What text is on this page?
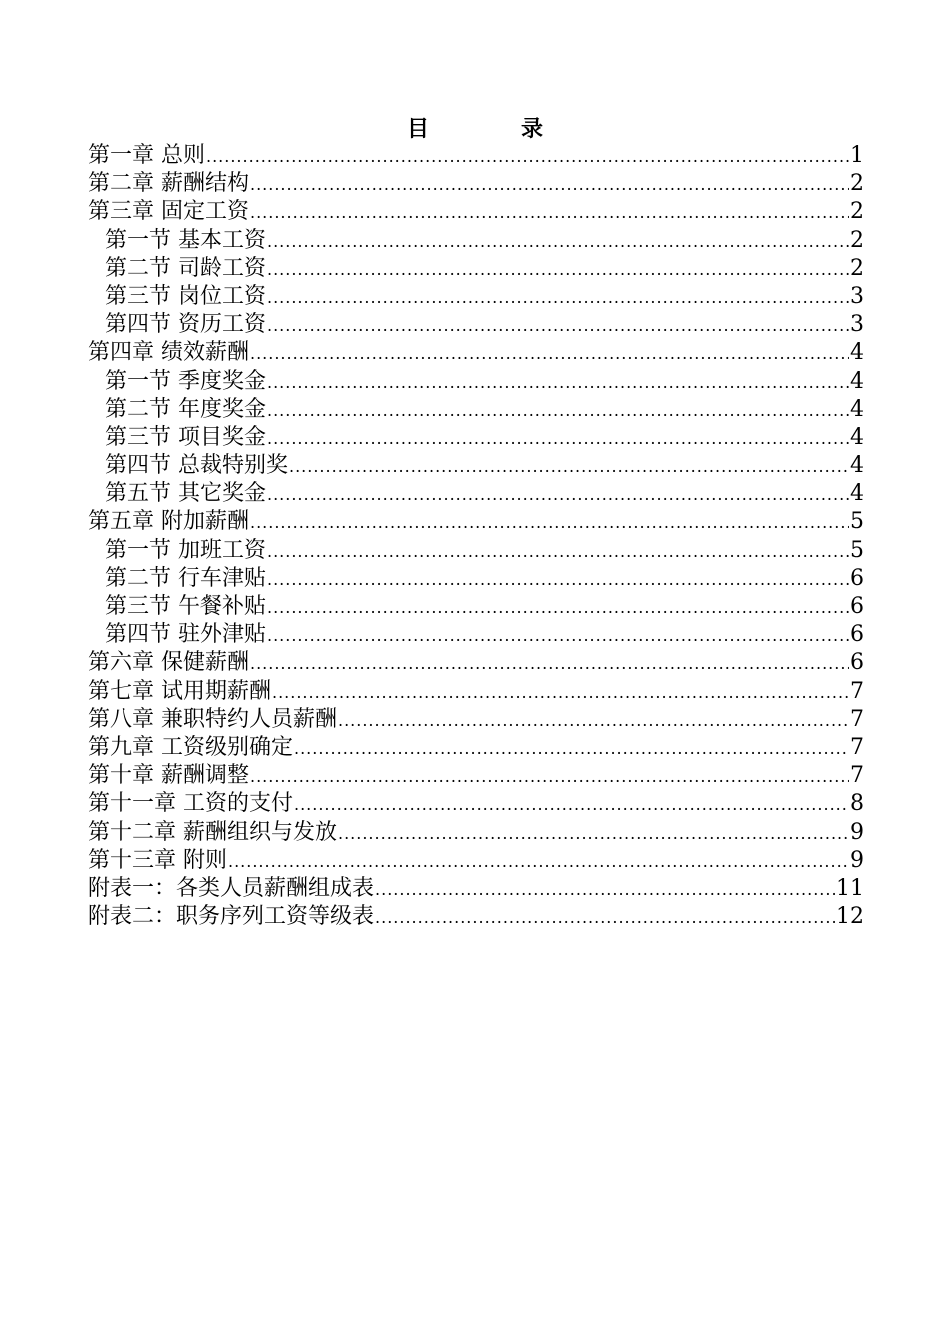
目	录
第一章 总则 .....	1
第二章 薪酬结构 .....	2
第三章 固定工资 .....	2
第一节 基本工资 .....	2
第二节 司龄工资 .....	2
第三节 岗位工资 .....	3
第四节 资历工资 .....	3
第四章 绩效薪酬 .....	4
第一节 季度奖金 .....	4
第二节 年度奖金 .....	4
第三节 项目奖金 .....	4
第四节 总裁特别奖 .....	4
第五节 其它奖金 .....	4
第五章 附加薪酬 .....	5
第一节 加班工资 .....	5
第二节 行车津贴 .....	6
第三节 午餐补贴 .....	6
第四节 驻外津贴 .....	6
第六章 保健薪酬 .....	6
第七章 试用期薪酬 .....	7
第八章 兼职特约人员薪酬 .....	7
第九章 工资级别确定 .....	7
第十章 薪酬调整 .....	7
第十一章 工资的支付 .....	8
第十二章 薪酬组织与发放 .....	9
第十三章 附则 .....	9
附表一：各类人员薪酬组成表 .....	11
附表二：职务序列工资等级表 .....	12
